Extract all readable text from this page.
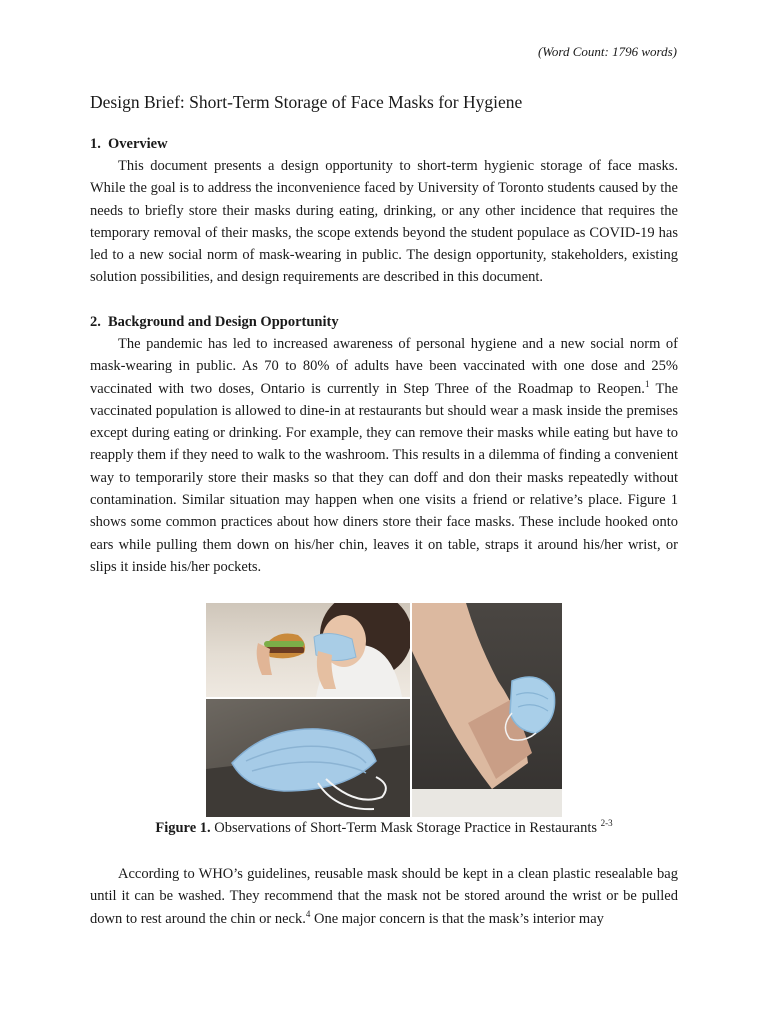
(Word Count: 1796 words)
Design Brief: Short-Term Storage of Face Masks for Hygiene
1. Overview

This document presents a design opportunity to short-term hygienic storage of face masks. While the goal is to address the inconvenience faced by University of Toronto students caused by the needs to briefly store their masks during eating, drinking, or any other incidence that requires the temporary removal of their masks, the scope extends beyond the student populace as COVID-19 has led to a new social norm of mask-wearing in public. The design opportunity, stakeholders, existing solution possibilities, and design requirements are described in this document.

2. Background and Design Opportunity

The pandemic has led to increased awareness of personal hygiene and a new social norm of mask-wearing in public. As 70 to 80% of adults have been vaccinated with one dose and 25% vaccinated with two doses, Ontario is currently in Step Three of the Roadmap to Reopen.$^1$ The vaccinated population is allowed to dine-in at restaurants but should wear a mask inside the premises except during eating or drinking. For example, they can remove their masks while eating but have to reapply them if they need to walk to the washroom. This results in a dilemma of finding a convenient way to temporarily store their masks so that they can doff and don their masks repeatedly without contamination. Similar situation may happen when one visits a friend or relative’s place. Figure 1 shows some common practices about how diners store their face masks. These include hooked onto ears while pulling them down on his/her chin, leaves it on table, straps it around his/her wrist, or slips it inside his/her pockets.

Figure 1. Observations of Short-Term Mask Storage Practice in Restaurants $^{2-3}$

According to WHO’s guidelines, reusable mask should be kept in a clean plastic resealable bag until it can be washed. They recommend that the mask not be stored around the wrist or be pulled down to rest around the chin or neck.$^4$ One major concern is that the mask’s interior may
